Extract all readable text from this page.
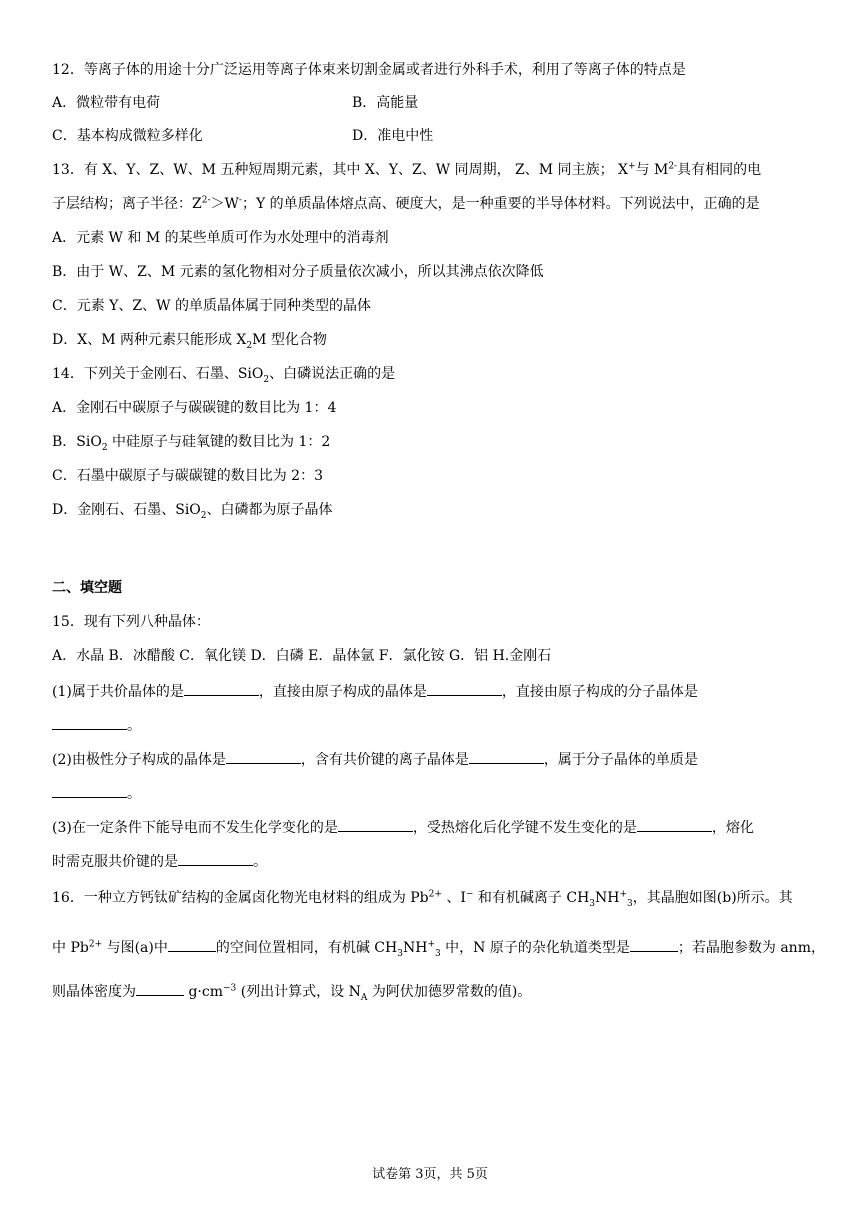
12．等离子体的用途十分广泛运用等离子体束来切割金属或者进行外科手术，利用了等离子体的特点是
A．微粒带有电荷	B．高能量
C．基本构成微粒多样化	D．准电中性
13．有 X、Y、Z、W、M 五种短周期元素，其中 X、Y、Z、W 同周期， Z、M 同主族； X+与 $M^{2-}$具有相同的电
子层结构；离子半径：$Z^{2-}>W^-$；Y 的单质晶体熔点高、硬度大，是一种重要的半导体材料。下列说法中，正确的是
A．元素 W 和 M 的某些单质可作为水处理中的消毒剂
B．由于 W、Z、M 元素的氢化物相对分子质量依次减小，所以其沸点依次降低
C．元素 Y、Z、W 的单质晶体属于同种类型的晶体
D．X、M 两种元素只能形成 $X_2M$ 型化合物
14．下列关于金刚石、石墨、SiO$_2$、白磷说法正确的是
A．金刚石中碳原子与碳碳键的数目比为 1：4
B．SiO$_2$ 中硅原子与硅氧键的数目比为 1：2
C．石墨中碳原子与碳碳键的数目比为 2：3
D．金刚石、石墨、SiO$_2$、白磷都为原子晶体
二、填空题
15．现有下列八种晶体：
A．水晶 B．冰醋酸 C．氧化镁 D．白磷 E．晶体氩 F．氯化铵 G．铝 H.金刚石
(1)属于共价晶体的是	，直接由原子构成的晶体是	，直接由原子构成的分子晶体是
。
(2)由极性分子构成的晶体是	，含有共价键的离子晶体是	，属于分子晶体的单质是
。
(3)在一定条件下能导电而不发生化学变化的是	，受热熔化后化学键不发生变化的是	，熔化
时需克服共价键的是	。
16．一种立方钙钛矿结构的金属卤化物光电材料的组成为 $Pb^{2+}$ 、I− 和有机碱离子 $CH_3NH^+_3$，其晶胞如图(b)所示。其
中 $Pb^{2+}$ 与图(a)中	的空间位置相同，有机碱 $CH_3NH^+_3$ 中，N 原子的杂化轨道类型是	；若晶胞参数为 anm，
则晶体密度为	$g\cdot cm^{-3}$ (列出计算式，设 $N_A$ 为阿伏加德罗常数的值)。
试卷第 3页，共 5页
